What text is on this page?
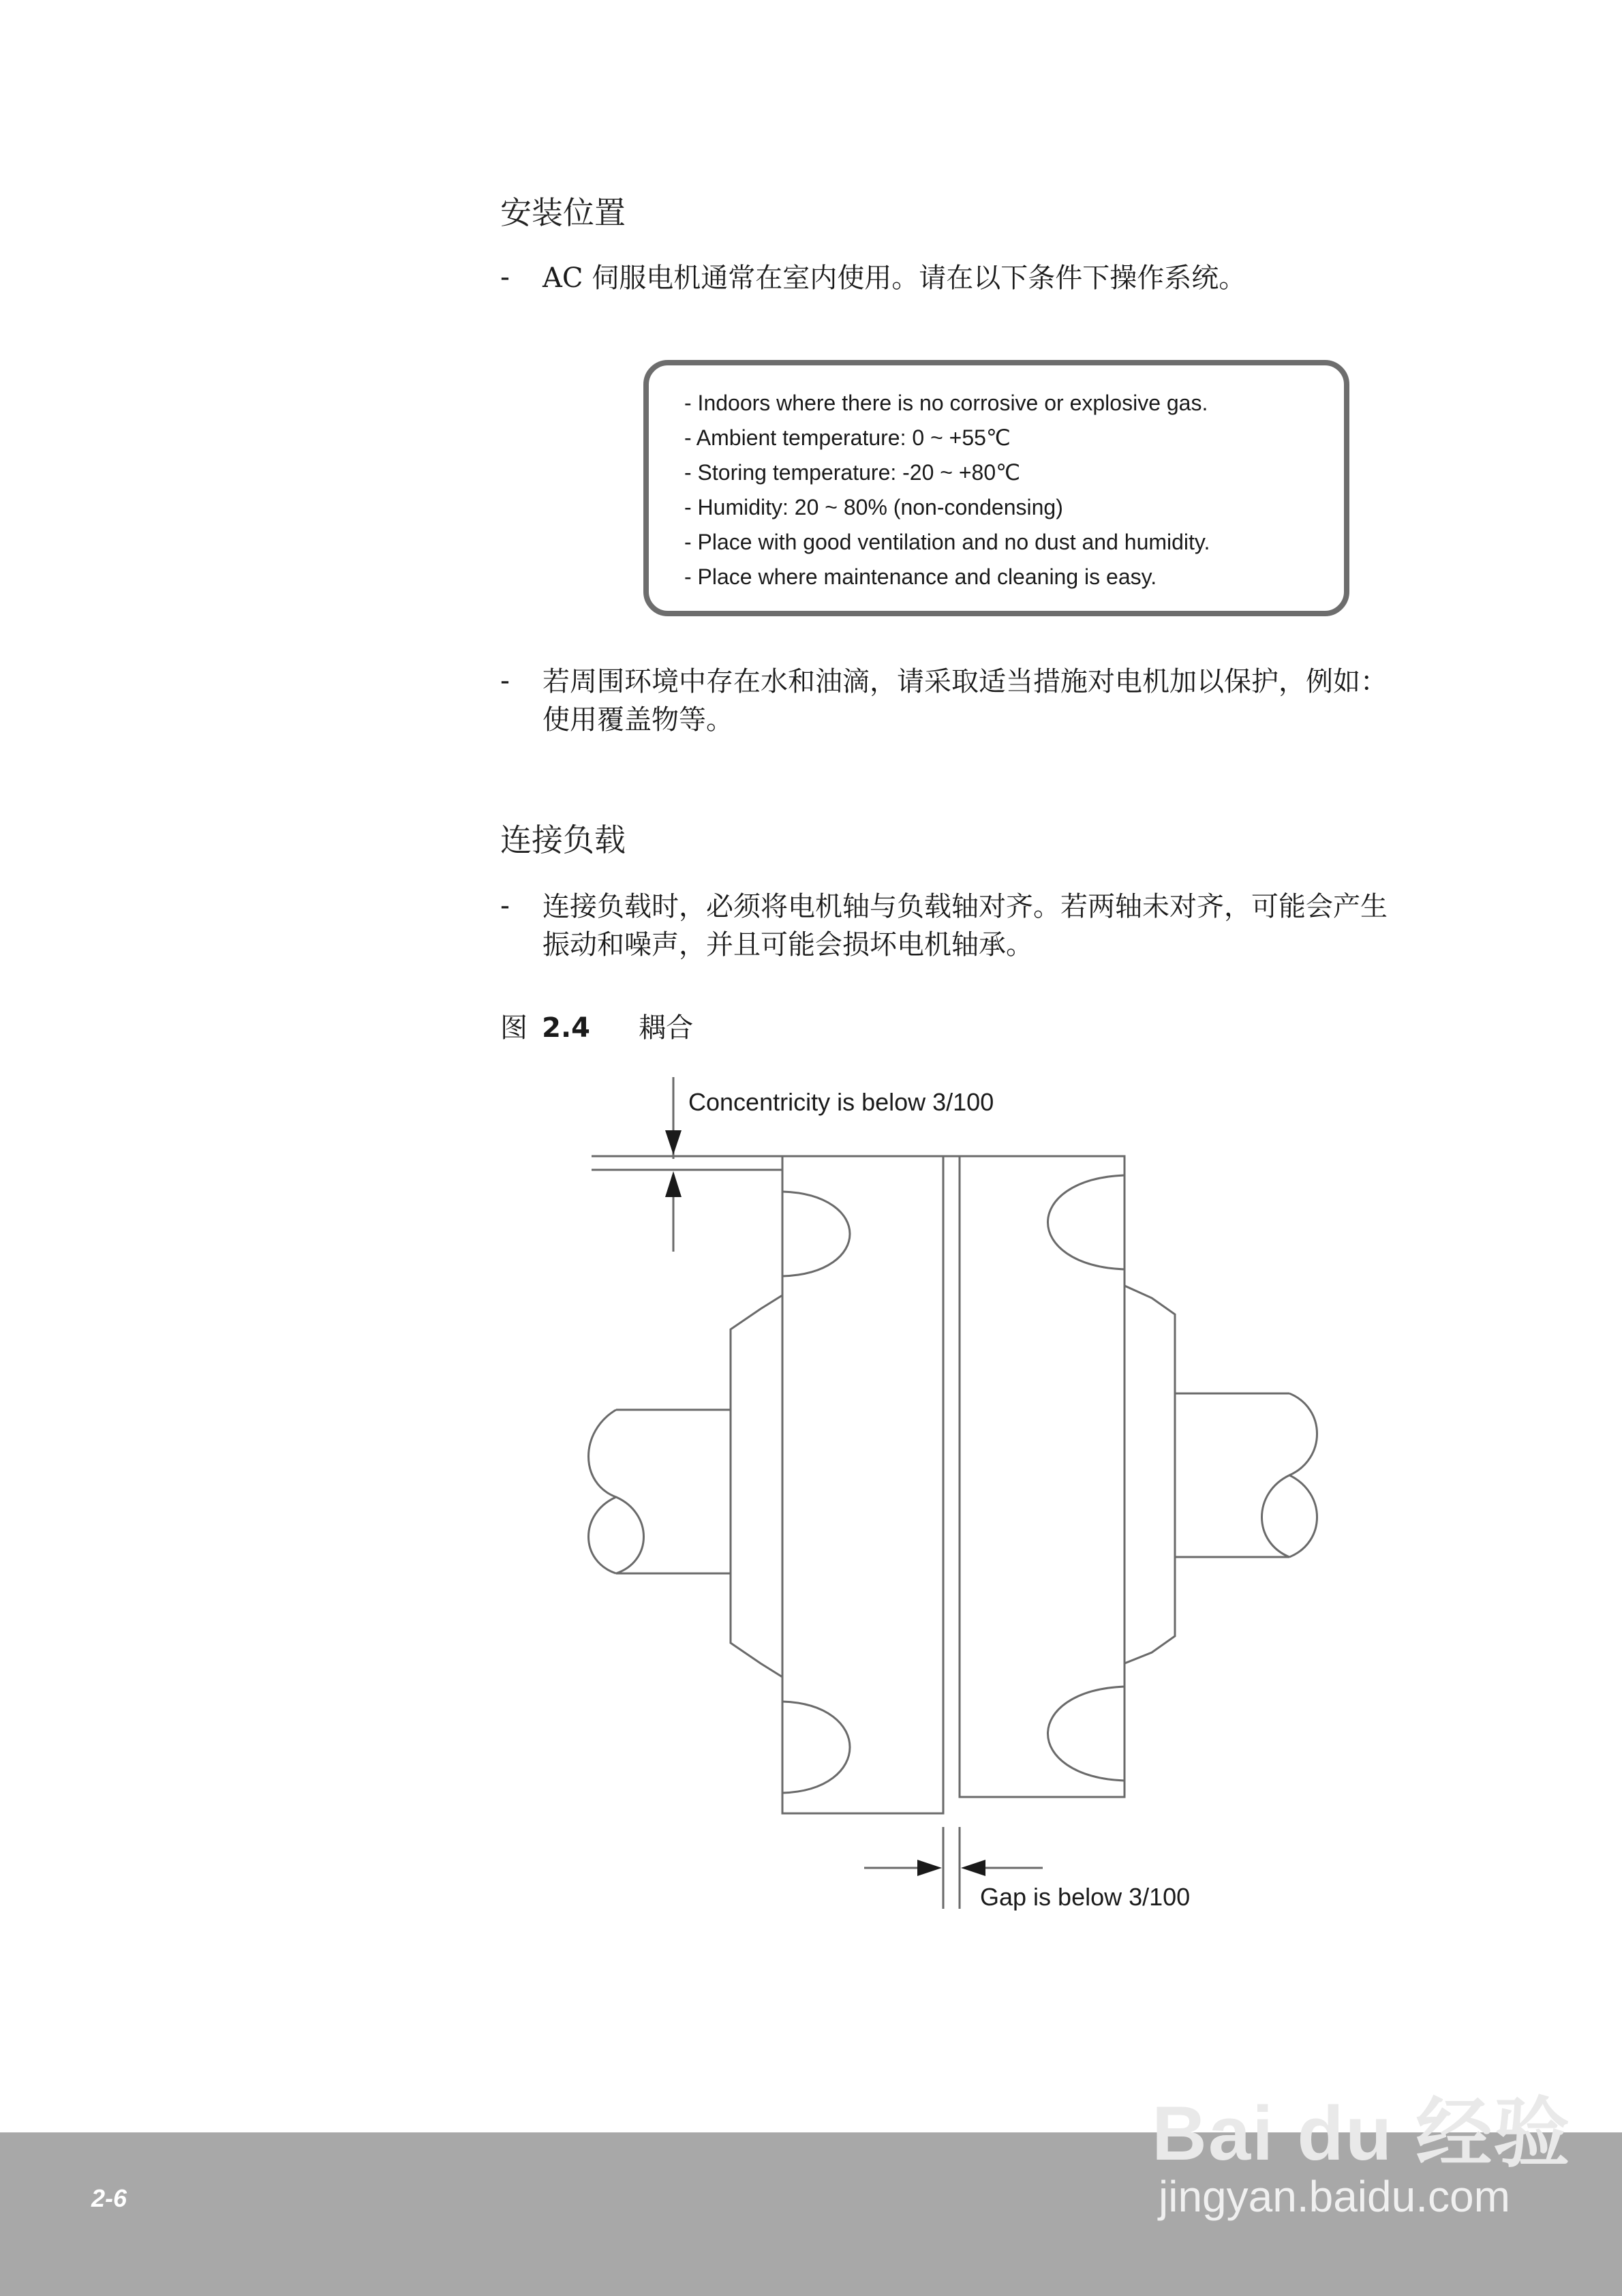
安装位置
- AC 伺服电机通常在室内使用。请在以下条件下操作系统。
- Indoors where there is no corrosive or explosive gas.
- Ambient temperature: 0 ~ +55℃
- Storing temperature: -20 ~ +80℃
- Humidity: 20 ~ 80% (non-condensing)
- Place with good ventilation and no dust and humidity.
- Place where maintenance and cleaning is easy.
- 若周围环境中存在水和油滴，请采取适当措施对电机加以保护，例如：
使用覆盖物等。
连接负载
- 连接负载时，必须将电机轴与负载轴对齐。若两轴未对齐，可能会产生
振动和噪声，并且可能会损坏电机轴承。
图 2.4 耦合
Concentricity is below 3/100
Gap is below 3/100
2-6
Bai du 经验
jingyan.baidu.com
